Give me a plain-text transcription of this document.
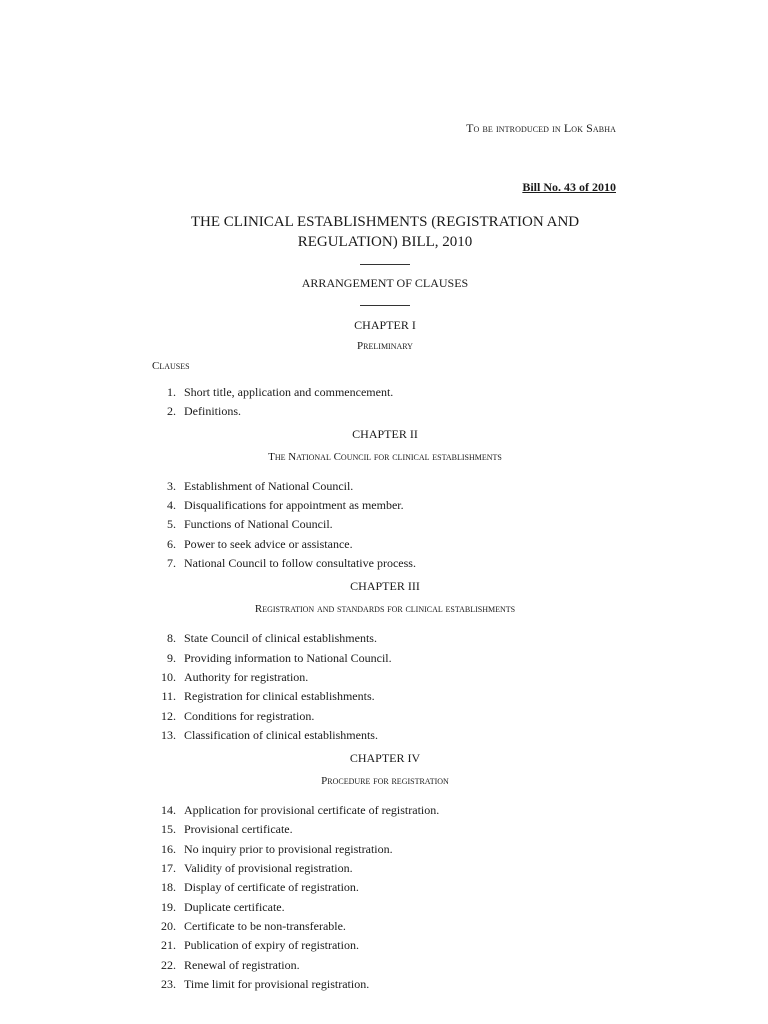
To be introduced in Lok Sabha
Bill No. 43 of 2010
THE CLINICAL ESTABLISHMENTS (REGISTRATION AND
REGULATION) BILL, 2010
ARRANGEMENT OF CLAUSES
CHAPTER I
Preliminary
Clauses
1. Short title, application and commencement.
2. Definitions.
CHAPTER II
The National Council for clinical establishments
3. Establishment of National Council.
4. Disqualifications for appointment as member.
5. Functions of National Council.
6. Power to seek advice or assistance.
7. National Council to follow consultative process.
CHAPTER III
Registration and standards for clinical establishments
8. State Council of clinical establishments.
9. Providing information to National Council.
10. Authority for registration.
11. Registration for clinical establishments.
12. Conditions for registration.
13. Classification of clinical establishments.
CHAPTER IV
Procedure for registration
14. Application for provisional certificate of registration.
15. Provisional certificate.
16. No inquiry prior to provisional registration.
17. Validity of provisional registration.
18. Display of certificate of registration.
19. Duplicate certificate.
20. Certificate to be non-transferable.
21. Publication of expiry of registration.
22. Renewal of registration.
23. Time limit for provisional registration.
